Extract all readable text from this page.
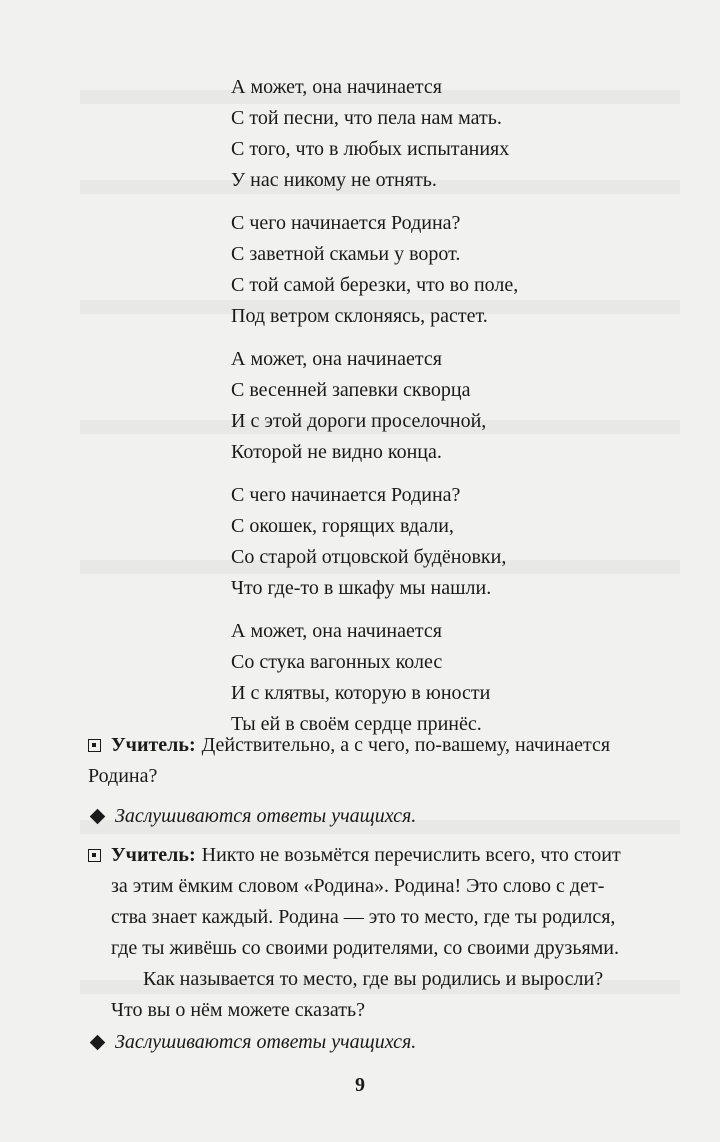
А может, она начинается
С той песни, что пела нам мать.
С того, что в любых испытаниях
У нас никому не отнять.
С чего начинается Родина?
С заветной скамьи у ворот.
С той самой березки, что во поле,
Под ветром склоняясь, растет.
А может, она начинается
С весенней запевки скворца
И с этой дороги проселочной,
Которой не видно конца.
С чего начинается Родина?
С окошек, горящих вдали,
Со старой отцовской будёновки,
Что где-то в шкафу мы нашли.
А может, она начинается
Со стука вагонных колес
И с клятвы, которую в юности
Ты ей в своём сердце принёс.
Учитель: Действительно, а с чего, по-вашему, начинается
Родина?
Заслушиваются ответы учащихся.
Учитель: Никто не возьмётся перечислить всего, что стоит
за этим ёмким словом «Родина». Родина! Это слово с дет-
ства знает каждый. Родина — это то место, где ты родился,
где ты живёшь со своими родителями, со своими друзьями.
Как называется то место, где вы родились и выросли?
Что вы о нём можете сказать?
Заслушиваются ответы учащихся.
9
